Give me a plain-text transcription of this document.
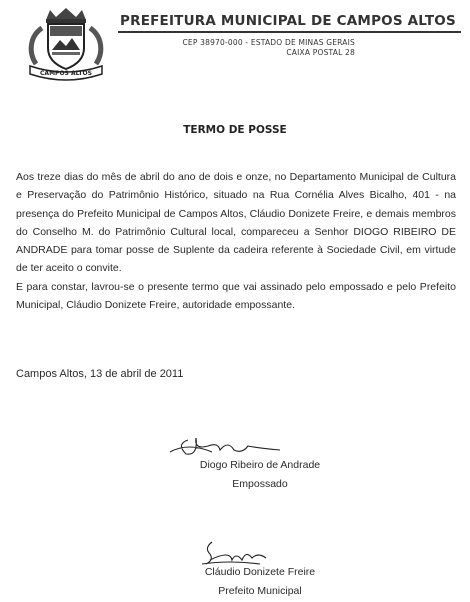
CAMPOS ALTOS
PREFEITURA MUNICIPAL DE CAMPOS ALTOS
CEP 38970-000 - ESTADO DE MINAS GERAIS
CAIXA POSTAL 28
TERMO DE POSSE

Aos treze dias do mês de abril do ano de dois e onze, no Departamento Municipal de Cultura e Preservação do Patrimônio Histórico, situado na Rua Cornélia Alves Bicalho, 401 - na presença do Prefeito Municipal de Campos Altos, Cláudio Donizete Freire, e demais membros do Conselho M. do Patrimônio Cultural local, compareceu a Senhor DIOGO RIBEIRO DE ANDRADE para tomar posse de Suplente da cadeira referente à Sociedade Civil, em virtude de ter aceito o convite.

E para constar, lavrou-se o presente termo que vai assinado pelo empossado e pelo Prefeito Municipal, Cláudio Donizete Freire, autoridade empossante.

Campos Altos, 13 de abril de 2011
Diogo Ribeiro de Andrade
Empossado
Cláudio Donizete Freire
Prefeito Municipal
